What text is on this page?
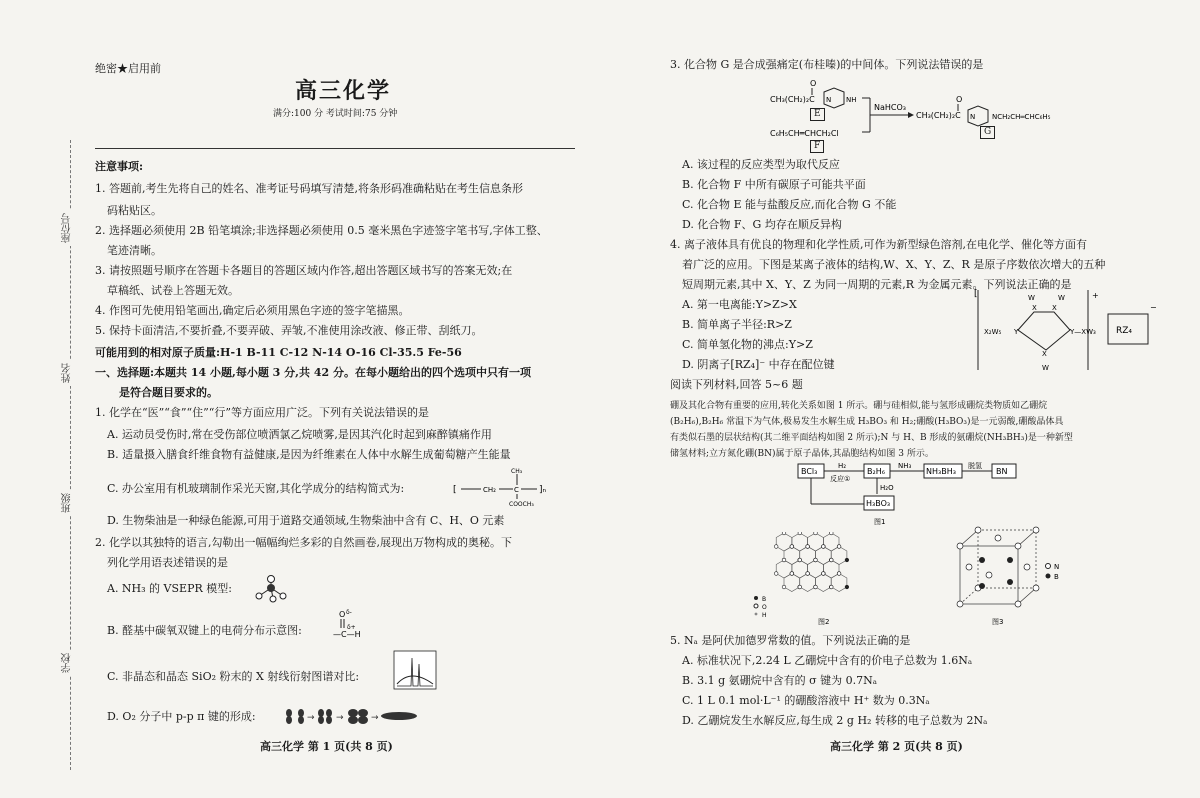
座位号
姓名
班级
学校
绝密★启用前
高三化学
满分:100 分 考试时间:75 分钟
注意事项:
1. 答题前,考生先将自己的姓名、准考证号码填写清楚,将条形码准确粘贴在考生信息条形
码粘贴区。
2. 选择题必须使用 2B 铅笔填涂;非选择题必须使用 0.5 毫米黑色字迹签字笔书写,字体工整、
笔迹清晰。
3. 请按照题号顺序在答题卡各题目的答题区域内作答,超出答题区域书写的答案无效;在
草稿纸、试卷上答题无效。
4. 作图可先使用铅笔画出,确定后必须用黑色字迹的签字笔描黑。
5. 保持卡面清洁,不要折叠,不要弄破、弄皱,不准使用涂改液、修正带、刮纸刀。
可能用到的相对原子质量:H-1 B-11 C-12 N-14 O-16 Cl-35.5 Fe-56
一、选择题:本题共 14 小题,每小题 3 分,共 42 分。在每小题给出的四个选项中只有一项
是符合题目要求的。
1. 化学在“医”“食”“住”“行”等方面应用广泛。下列有关说法错误的是
A. 运动员受伤时,常在受伤部位喷洒氯乙烷喷雾,是因其汽化时起到麻醉镇痛作用
B. 适量摄入膳食纤维食物有益健康,是因为纤维素在人体中水解生成葡萄糖产生能量
C. 办公室用有机玻璃制作采光天窗,其化学成分的结构简式为:	[	CH₂	C
CH₃
COOCH₃
]ₙ
D. 生物柴油是一种绿色能源,可用于道路交通领域,生物柴油中含有 C、H、O 元素
2. 化学以其独特的语言,勾勒出一幅幅绚烂多彩的自然画卷,展现出万物构成的奥秘。下
列化学用语表述错误的是
A. NH₃ 的 VSEPR 模型:
B. 醛基中碳氧双键上的电荷分布示意图:
O δ-
—C—H
δ+
C. 非晶态和晶态 SiO₂ 粉末的 X 射线衍射图谱对比:
D. O₂ 分子中 p-p π 键的形成:	→ →	→
高三化学 第 1 页(共 8 页)
3. 化合物 G 是合成强痛定(布桂嗪)的中间体。下列说法错误的是
CH₃(CH₂)₂C
O
N NH
C₆H₅CH═CHCH₂Cl
NaHCO₃
CH₃(CH₂)₂C
O
N NCH₂CH═CHC₆H₅
E
F
G
A. 该过程的反应类型为取代反应
B. 化合物 F 中所有碳原子可能共平面
C. 化合物 E 能与盐酸反应,而化合物 G 不能
D. 化合物 F、G 均存在顺反异构
4. 离子液体具有优良的物理和化学性质,可作为新型绿色溶剂,在电化学、催化等方面有
着广泛的应用。下图是某离子液体的结构,W、X、Y、Z、R 是原子序数依次增大的五种
短周期元素,其中 X、Y、Z 为同一周期的元素,R 为金属元素。下列说法正确的是
A. 第一电离能:Y>Z>X
B. 简单离子半径:R>Z
C. 简单氢化物的沸点:Y>Z
D. 阴离子[RZ₄]⁻ 中存在配位键
[	+
X X
W	W
X₂W₅ Y	Y—XW₃
X
W
RZ₄
−
阅读下列材料,回答 5~6 题
硼及其化合物有重要的应用,转化关系如图 1 所示。硼与硅相似,能与氢形成硼烷类物质如乙硼烷
(B₂H₆),B₂H₆ 常温下为气体,极易发生水解生成 H₃BO₃ 和 H₂;硼酸(H₃BO₃)是一元弱酸,硼酸晶体具
有类似石墨的层状结构(其二维平面结构如图 2 所示);N 与 H、B 形成的氨硼烷(NH₃BH₃)是一种新型
储氢材料;立方氮化硼(BN)属于原子晶体,其晶胞结构如图 3 所示。
BCl₃
H₂
反应①
B₂H₆
NH₃
NH₃BH₃
脱氢
BN
H₂O
H₃BO₃
图1
B
O
H
图2
N
B
图3
5. Nₐ 是阿伏加德罗常数的值。下列说法正确的是
A. 标准状况下,2.24 L 乙硼烷中含有的价电子总数为 1.6Nₐ
B. 3.1 g 氨硼烷中含有的 σ 键为 0.7Nₐ
C. 1 L 0.1 mol·L⁻¹ 的硼酸溶液中 H⁺ 数为 0.3Nₐ
D. 乙硼烷发生水解反应,每生成 2 g H₂ 转移的电子总数为 2Nₐ
高三化学 第 2 页(共 8 页)
